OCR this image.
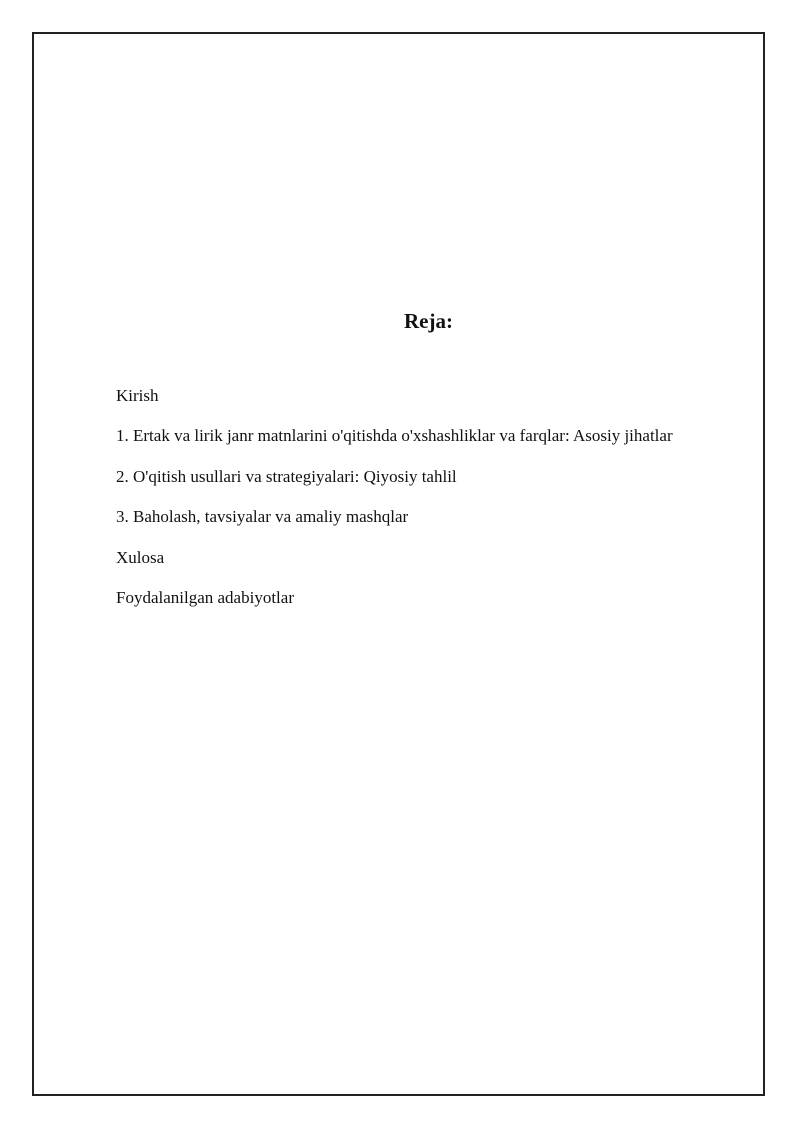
Reja:
Kirish
1. Ertak va lirik janr matnlarini o'qitishda o'xshashliklar va farqlar: Asosiy jihatlar
2. O'qitish usullari va strategiyalari: Qiyosiy tahlil
3. Baholash, tavsiyalar va amaliy mashqlar
Xulosa
Foydalanilgan adabiyotlar
